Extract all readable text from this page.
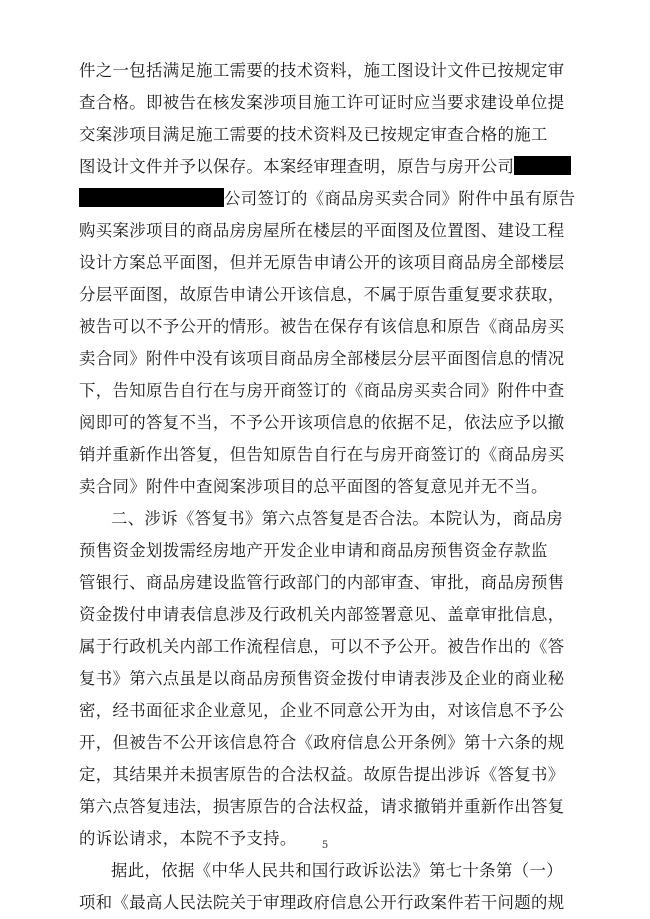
件之一包括满足施工需要的技术资料，施工图设计文件已按规定审
查合格。即被告在核发案涉项目施工许可证时应当要求建设单位提
交案涉项目满足施工需要的技术资料及已按规定审查合格的施工
图设计文件并予以保存。本案经审理查明，原告与房开公司
公司签订的《商品房买卖合同》附件中虽有原告
购买案涉项目的商品房房屋所在楼层的平面图及位置图、建设工程
设计方案总平面图，但并无原告申请公开的该项目商品房全部楼层
分层平面图，故原告申请公开该信息，不属于原告重复要求获取，
被告可以不予公开的情形。被告在保存有该信息和原告《商品房买
卖合同》附件中没有该项目商品房全部楼层分层平面图信息的情况
下，告知原告自行在与房开商签订的《商品房买卖合同》附件中查
阅即可的答复不当，不予公开该项信息的依据不足，依法应予以撤
销并重新作出答复，但告知原告自行在与房开商签订的《商品房买
卖合同》附件中查阅案涉项目的总平面图的答复意见并无不当。
二、涉诉《答复书》第六点答复是否合法。本院认为，商品房
预售资金划拨需经房地产开发企业申请和商品房预售资金存款监
管银行、商品房建设监管行政部门的内部审查、审批，商品房预售
资金拨付申请表信息涉及行政机关内部签署意见、盖章审批信息，
属于行政机关内部工作流程信息，可以不予公开。被告作出的《答
复书》第六点虽是以商品房预售资金拨付申请表涉及企业的商业秘
密，经书面征求企业意见，企业不同意公开为由，对该信息不予公
开，但被告不公开该信息符合《政府信息公开条例》第十六条的规
定，其结果并未损害原告的合法权益。故原告提出涉诉《答复书》
第六点答复违法，损害原告的合法权益，请求撤销并重新作出答复
的诉讼请求，本院不予支持。
据此，依据《中华人民共和国行政诉讼法》第七十条第（一）
项和《最高人民法院关于审理政府信息公开行政案件若干问题的规
5
